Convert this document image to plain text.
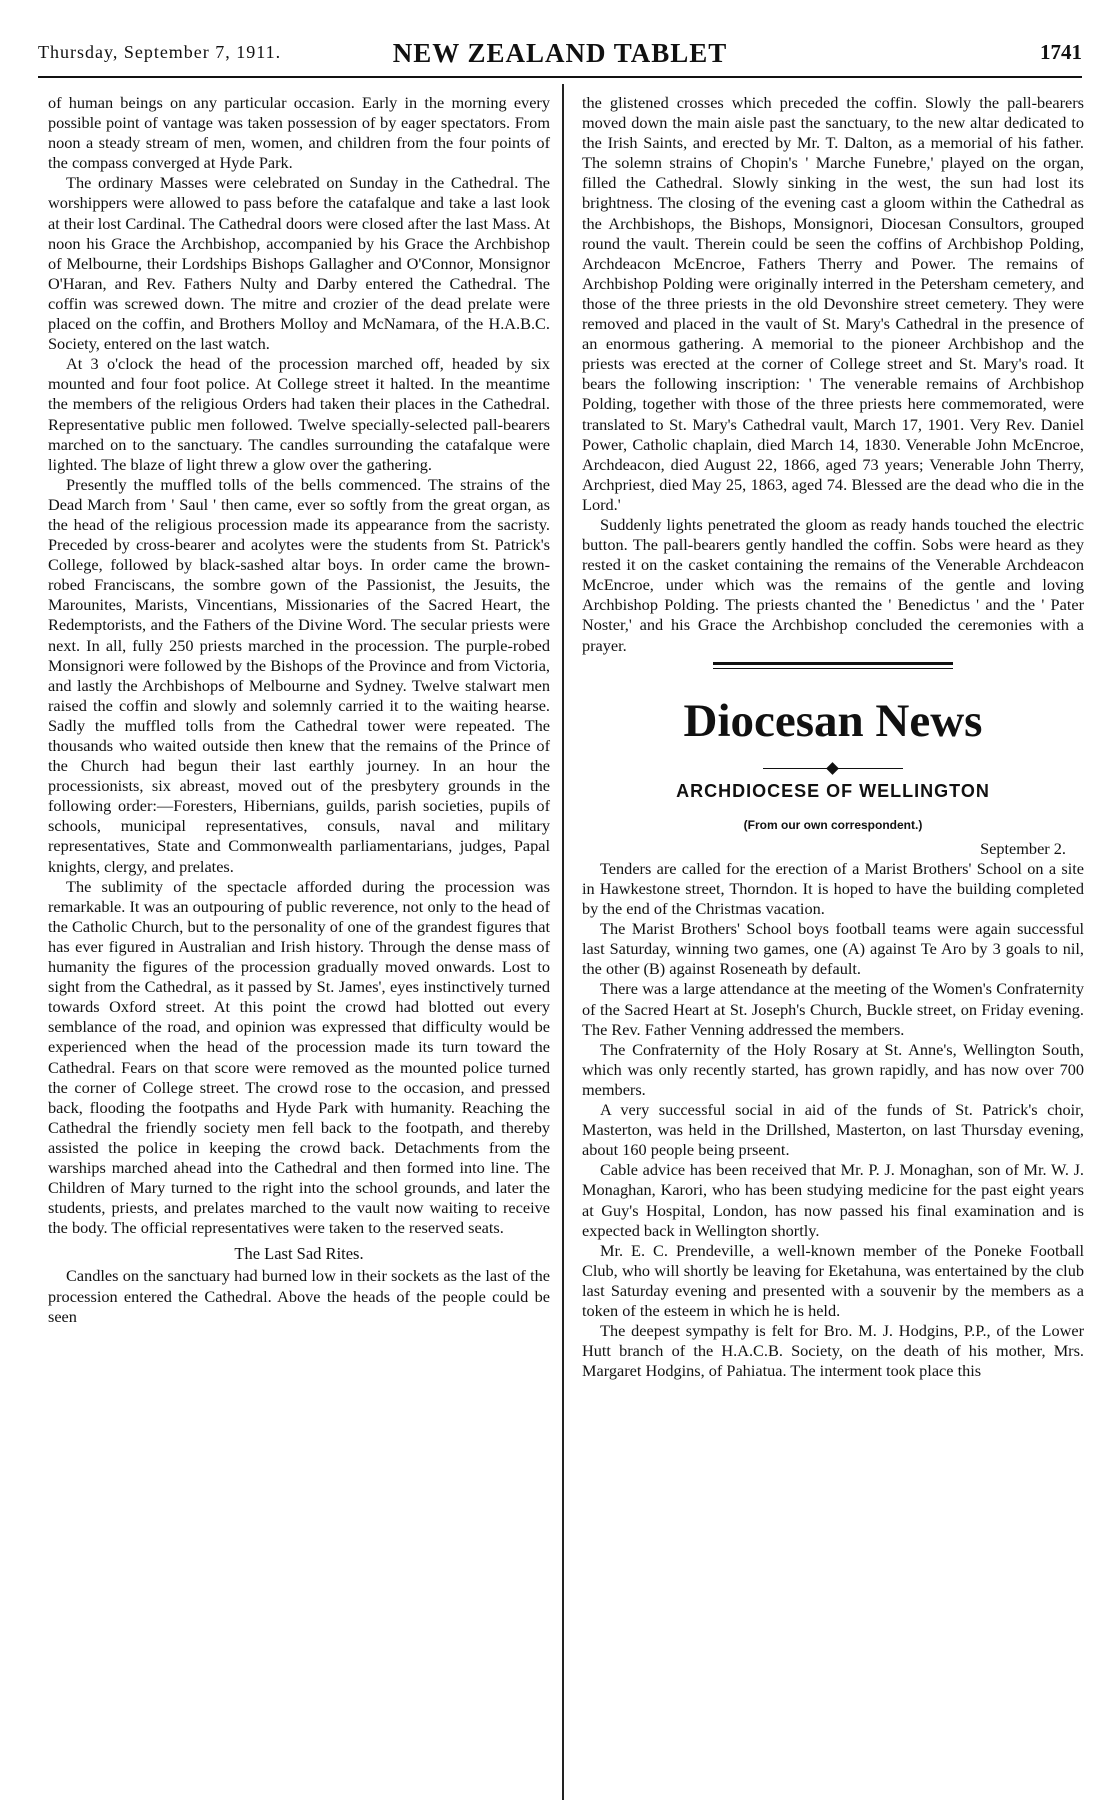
Thursday, September 7, 1911.	NEW ZEALAND TABLET	1741

of human beings on any particular occasion. Early in the morning every possible point of vantage was taken possession of by eager spectators. From noon a steady stream of men, women, and children from the four points of the compass converged at Hyde Park.

The ordinary Masses were celebrated on Sunday in the Cathedral. The worshippers were allowed to pass before the catafalque and take a last look at their lost Cardinal. The Cathedral doors were closed after the last Mass. At noon his Grace the Archbishop, accompanied by his Grace the Archbishop of Melbourne, their Lordships Bishops Gallagher and O'Connor, Monsignor O'Haran, and Rev. Fathers Nulty and Darby entered the Cathedral. The coffin was screwed down. The mitre and crozier of the dead prelate were placed on the coffin, and Brothers Molloy and McNamara, of the H.A.B.C. Society, entered on the last watch.

At 3 o'clock the head of the procession marched off, headed by six mounted and four foot police. At College street it halted. In the meantime the members of the religious Orders had taken their places in the Cathedral. Representative public men followed. Twelve specially-selected pall-bearers marched on to the sanctuary. The candles surrounding the catafalque were lighted. The blaze of light threw a glow over the gathering.

Presently the muffled tolls of the bells commenced. The strains of the Dead March from ' Saul ' then came, ever so softly from the great organ, as the head of the religious procession made its appearance from the sacristy. Preceded by cross-bearer and acolytes were the students from St. Patrick's College, followed by black-sashed altar boys. In order came the brown-robed Franciscans, the sombre gown of the Passionist, the Jesuits, the Marounites, Marists, Vincentians, Missionaries of the Sacred Heart, the Redemptorists, and the Fathers of the Divine Word. The secular priests were next. In all, fully 250 priests marched in the procession. The purple-robed Monsignori were followed by the Bishops of the Province and from Victoria, and lastly the Archbishops of Melbourne and Sydney. Twelve stalwart men raised the coffin and slowly and solemnly carried it to the waiting hearse. Sadly the muffled tolls from the Cathedral tower were repeated. The thousands who waited outside then knew that the remains of the Prince of the Church had begun their last earthly journey. In an hour the processionists, six abreast, moved out of the presbytery grounds in the following order:—Foresters, Hibernians, guilds, parish societies, pupils of schools, municipal representatives, consuls, naval and military representatives, State and Commonwealth parliamentarians, judges, Papal knights, clergy, and prelates.

The sublimity of the spectacle afforded during the procession was remarkable. It was an outpouring of public reverence, not only to the head of the Catholic Church, but to the personality of one of the grandest figures that has ever figured in Australian and Irish history. Through the dense mass of humanity the figures of the procession gradually moved onwards. Lost to sight from the Cathedral, as it passed by St. James', eyes instinctively turned towards Oxford street. At this point the crowd had blotted out every semblance of the road, and opinion was expressed that difficulty would be experienced when the head of the procession made its turn toward the Cathedral. Fears on that score were removed as the mounted police turned the corner of College street. The crowd rose to the occasion, and pressed back, flooding the footpaths and Hyde Park with humanity. Reaching the Cathedral the friendly society men fell back to the footpath, and thereby assisted the police in keeping the crowd back. Detachments from the warships marched ahead into the Cathedral and then formed into line. The Children of Mary turned to the right into the school grounds, and later the students, priests, and prelates marched to the vault now waiting to receive the body. The official representatives were taken to the reserved seats.

The Last Sad Rites.

Candles on the sanctuary had burned low in their sockets as the last of the procession entered the Cathedral. Above the heads of the people could be seen

the glistened crosses which preceded the coffin. Slowly the pall-bearers moved down the main aisle past the sanctuary, to the new altar dedicated to the Irish Saints, and erected by Mr. T. Dalton, as a memorial of his father. The solemn strains of Chopin's ' Marche Funebre,' played on the organ, filled the Cathedral. Slowly sinking in the west, the sun had lost its brightness. The closing of the evening cast a gloom within the Cathedral as the Archbishops, the Bishops, Monsignori, Diocesan Consultors, grouped round the vault. Therein could be seen the coffins of Archbishop Polding, Archdeacon McEncroe, Fathers Therry and Power. The remains of Archbishop Polding were originally interred in the Petersham cemetery, and those of the three priests in the old Devonshire street cemetery. They were removed and placed in the vault of St. Mary's Cathedral in the presence of an enormous gathering. A memorial to the pioneer Archbishop and the priests was erected at the corner of College street and St. Mary's road. It bears the following inscription: ' The venerable remains of Archbishop Polding, together with those of the three priests here commemorated, were translated to St. Mary's Cathedral vault, March 17, 1901. Very Rev. Daniel Power, Catholic chaplain, died March 14, 1830. Venerable John McEncroe, Archdeacon, died August 22, 1866, aged 73 years; Venerable John Therry, Archpriest, died May 25, 1863, aged 74. Blessed are the dead who die in the Lord.'

Suddenly lights penetrated the gloom as ready hands touched the electric button. The pall-bearers gently handled the coffin. Sobs were heard as they rested it on the casket containing the remains of the Venerable Archdeacon McEncroe, under which was the remains of the gentle and loving Archbishop Polding. The priests chanted the ' Benedictus ' and the ' Pater Noster,' and his Grace the Archbishop concluded the ceremonies with a prayer.

Diocesan News
ARCHDIOCESE OF WELLINGTON
(From our own correspondent.)
September 2.

Tenders are called for the erection of a Marist Brothers' School on a site in Hawkestone street, Thorndon. It is hoped to have the building completed by the end of the Christmas vacation.

The Marist Brothers' School boys football teams were again successful last Saturday, winning two games, one (A) against Te Aro by 3 goals to nil, the other (B) against Roseneath by default.

There was a large attendance at the meeting of the Women's Confraternity of the Sacred Heart at St. Joseph's Church, Buckle street, on Friday evening. The Rev. Father Venning addressed the members.

The Confraternity of the Holy Rosary at St. Anne's, Wellington South, which was only recently started, has grown rapidly, and has now over 700 members.

A very successful social in aid of the funds of St. Patrick's choir, Masterton, was held in the Drillshed, Masterton, on last Thursday evening, about 160 people being prseent.

Cable advice has been received that Mr. P. J. Monaghan, son of Mr. W. J. Monaghan, Karori, who has been studying medicine for the past eight years at Guy's Hospital, London, has now passed his final examination and is expected back in Wellington shortly.

Mr. E. C. Prendeville, a well-known member of the Poneke Football Club, who will shortly be leaving for Eketahuna, was entertained by the club last Saturday evening and presented with a souvenir by the members as a token of the esteem in which he is held.

The deepest sympathy is felt for Bro. M. J. Hodgins, P.P., of the Lower Hutt branch of the H.A.C.B. Society, on the death of his mother, Mrs. Margaret Hodgins, of Pahiatua. The interment took place this
